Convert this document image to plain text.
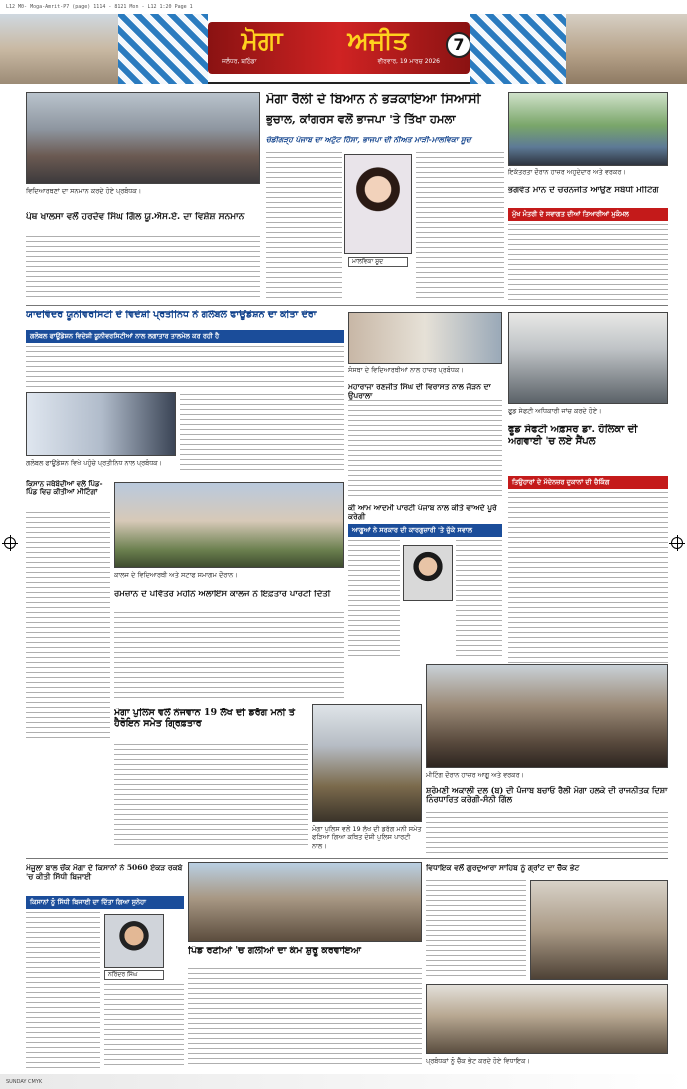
L12 M0- Moga-Amrit-P7 (page) 1114 - 8121 Mon - L12 1:20 Page 1
ਮੋਗਾ	ਅਜੀਤ
ਜਲੰਧਰ, ਬਠਿੰਡਾ	ਵੀਰਵਾਰ, 19 ਮਾਰਚ 2026
7
ਵਿਦਿਆਰਥਣਾਂ ਦਾ ਸਨਮਾਨ ਕਰਦੇ ਹੋਏ ਪ੍ਰਬੰਧਕ।
ਪੰਥ ਖਾਲਸਾ ਵਲੋਂ ਹਰਦੇਵ ਸਿੰਘ ਗਿੱਲ ਯੂ.ਐਸ.ਏ. ਦਾ ਵਿਸ਼ੇਸ਼ ਸਨਮਾਨ
ਮੋਗਾ ਰੈਲੀ ਦੇ ਬਿਆਨ ਨੇ ਭੜਕਾਇਆ ਸਿਆਸੀ
ਭੁਚਾਲ, ਕਾਂਗਰਸ ਵਲੋਂ ਭਾਜਪਾ 'ਤੇ ਤਿੱਖਾ ਹਮਲਾ
ਚੰਡੀਗੜ੍ਹ ਪੰਜਾਬ ਦਾ ਅਟੁੱਟ ਹਿੱਸਾ, ਭਾਜਪਾ ਦੀ ਨੀਅਤ ਮਾੜੀ-ਮਾਲਵਿਕਾ ਸੂਦ
ਮਾਲਵਿਕਾ ਸੂਦ
ਇਕੱਤਰਤਾ ਦੌਰਾਨ ਹਾਜ਼ਰ ਅਹੁਦੇਦਾਰ ਅਤੇ ਵਰਕਰ।
ਭਗਵੰਤ ਮਾਨ ਦੇ ਚਰਨਜੀਤ ਆਉਣ ਸਬੰਧੀ ਮੀਟਿੰਗ
ਮੁੱਖ ਮੰਤਰੀ ਦੇ ਸਵਾਗਤ ਦੀਆਂ ਤਿਆਰੀਆਂ ਮੁਕੰਮਲ
ਯਾਦਵਿੰਦਰ ਯੂਨੀਵਰਸਿਟੀ ਦੇ ਵਿਦੇਸ਼ੀ ਪ੍ਰਤੀਨਿਧ ਨੇ ਗਲੋਬਲ ਫਾਊਂਡੇਸ਼ਨ ਦਾ ਕੀਤਾ ਦੌਰਾ
ਗਲੋਬਲ ਫਾਊਂਡੇਸ਼ਨ ਵਿਦੇਸ਼ੀ ਯੂਨੀਵਰਸਿਟੀਆਂ ਨਾਲ ਲਗਾਤਾਰ ਤਾਲਮੇਲ ਕਰ ਰਹੀ ਹੈ
ਗਲੋਬਲ ਫਾਊਂਡੇਸ਼ਨ ਵਿਖੇ ਪਹੁੰਚੇ ਪ੍ਰਤੀਨਿਧ ਨਾਲ ਪ੍ਰਬੰਧਕ।
ਸੰਸਥਾ ਦੇ ਵਿਦਿਆਰਥੀਆਂ ਨਾਲ ਹਾਜ਼ਰ ਪ੍ਰਬੰਧਕ।
ਮਹਾਰਾਜਾ ਰਣਜੀਤ ਸਿੰਘ ਦੀ ਵਿਰਾਸਤ ਨਾਲ ਜੋੜਨ ਦਾ ਉਪਰਾਲਾ
ਫੂਡ ਸੇਫਟੀ ਅਧਿਕਾਰੀ ਜਾਂਚ ਕਰਦੇ ਹੋਏ।
ਫੂਡ ਸੇਫਟੀ ਅਫ਼ਸਰ ਡਾ. ਹੋਲਿਕਾ ਦੀ ਅਗਵਾਈ 'ਚ ਲਏ ਸੈਂਪਲ
ਤਿਉਹਾਰਾਂ ਦੇ ਮੱਦੇਨਜ਼ਰ ਦੁਕਾਨਾਂ ਦੀ ਚੈਕਿੰਗ
ਕੀ ਆਮ ਆਦਮੀ ਪਾਰਟੀ ਪੰਜਾਬ ਨਾਲ ਕੀਤੇ ਵਾਅਦੇ ਪੂਰੇ ਕਰੇਗੀ
ਆਗੂਆਂ ਨੇ ਸਰਕਾਰ ਦੀ ਕਾਰਗੁਜ਼ਾਰੀ 'ਤੇ ਚੁੱਕੇ ਸਵਾਲ
ਕਿਸਾਨ ਜਥੇਬੰਦੀਆਂ ਵਲੋਂ ਪਿੰਡ-ਪਿੰਡ ਵਿਚ ਕੀਤੀਆਂ ਮੀਟਿੰਗਾਂ
ਕਾਲਜ ਦੇ ਵਿਦਿਆਰਥੀ ਅਤੇ ਸਟਾਫ ਸਮਾਗਮ ਦੌਰਾਨ।
ਰਮਜ਼ਾਨ ਦੇ ਪਵਿੱਤਰ ਮਹੀਨੇ ਅਲਾਇੰਸ ਕਾਲਜ ਨੇ ਇਫ਼ਤਾਰ ਪਾਰਟੀ ਦਿੱਤੀ
ਮੀਟਿੰਗ ਦੌਰਾਨ ਹਾਜ਼ਰ ਆਗੂ ਅਤੇ ਵਰਕਰ।
ਸ਼੍ਰੋਮਣੀ ਅਕਾਲੀ ਦਲ (ਬ) ਦੀ ਪੰਜਾਬ ਬਚਾਓ ਰੈਲੀ ਮੋਗਾ ਹਲਕੇ ਦੀ ਰਾਜਨੀਤਕ ਦਿਸ਼ਾ ਨਿਰਧਾਰਿਤ ਕਰੇਗੀ-ਸੰਨੀ ਗਿੱਲ
ਮੋਗਾ ਪੁਲਿਸ ਵਲੋਂ ਨੌਜਵਾਨ 19 ਲੱਖ ਦੀ ਡਰੱਗ ਮਨੀ ਤੇ ਹੈਰੋਇਨ ਸਮੇਤ ਗ੍ਰਿਫ਼ਤਾਰ
ਮੋਗਾ ਪੁਲਿਸ ਵਲੋਂ 19 ਲੱਖ ਦੀ ਡਰੱਗ ਮਨੀ ਸਮੇਤ ਫੜਿਆ ਗਿਆ ਕਥਿਤ ਦੋਸ਼ੀ ਪੁਲਿਸ ਪਾਰਟੀ ਨਾਲ।
ਮੰਜੂਲਾ ਬਾਲ ਚੌਂਕ ਮੋਗਾ ਦੇ ਕਿਸਾਨਾਂ ਨੇ 5060 ਏਕੜ ਰਕਬੇ 'ਚ ਕੀਤੀ ਸਿੱਧੀ ਬਿਜਾਈ
ਕਿਸਾਨਾਂ ਨੂੰ ਸਿੱਧੀ ਬਿਜਾਈ ਦਾ ਦਿੱਤਾ ਗਿਆ ਸੁਨੇਹਾ
ਨਰਿੰਦਰ ਸਿੰਘ
ਪਿੰਡ ਰਣੀਆਂ 'ਚ ਗਲੀਆਂ ਦਾ ਕੰਮ ਸ਼ੁਰੂ ਕਰਵਾਇਆ
ਵਿਧਾਇਕ ਵਲੋਂ ਗੁਰਦੁਆਰਾ ਸਾਹਿਬ ਨੂੰ ਗ੍ਰਾਂਟ ਦਾ ਚੈੱਕ ਭੇਟ
ਪ੍ਰਬੰਧਕਾਂ ਨੂੰ ਚੈੱਕ ਭੇਟ ਕਰਦੇ ਹੋਏ ਵਿਧਾਇਕ।
SUNDAY CMYK
